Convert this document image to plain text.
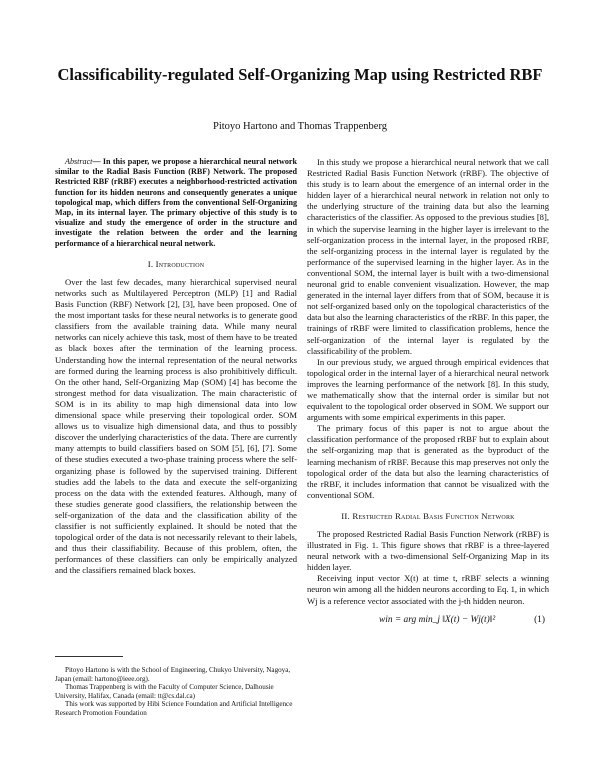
Classificability-regulated Self-Organizing Map using Restricted RBF
Pitoyo Hartono and Thomas Trappenberg

Abstract— In this paper, we propose a hierarchical neural network similar to the Radial Basis Function (RBF) Network. The proposed Restricted RBF (rRBF) executes a neighborhood-restricted activation function for its hidden neurons and consequently generates a unique topological map, which differs from the conventional Self-Organizing Map, in its internal layer. The primary objective of this study is to visualize and study the emergence of order in the structure and investigate the relation between the order and the learning performance of a hierarchical neural network.

I. Introduction

Over the last few decades, many hierarchical supervised neural networks such as Multilayered Perceptron (MLP) [1] and Radial Basis Function (RBF) Network [2], [3], have been proposed. One of the most important tasks for these neural networks is to generate good classifiers from the available training data. While many neural networks can nicely achieve this task, most of them have to be treated as black boxes after the termination of the learning process. Understanding how the internal representation of the neural networks are formed during the learning process is also prohibitively difficult. On the other hand, Self-Organizing Map (SOM) [4] has become the strongest method for data visualization. The main characteristic of SOM is in its ability to map high dimensional data into low dimensional space while preserving their topological order. SOM allows us to visualize high dimensional data, and thus to possibly discover the underlying characteristics of the data. There are currently many attempts to build classifiers based on SOM [5], [6], [7]. Some of these studies executed a two-phase training process where the self-organizing phase is followed by the supervised training. Different studies add the labels to the data and execute the self-organizing process on the data with the extended features. Although, many of these studies generate good classifiers, the relationship between the self-organization of the data and the classification ability of the classifier is not sufficiently explained. It should be noted that the topological order of the data is not necessarily relevant to their labels, and thus their classifiability. Because of this problem, often, the performances of these classifiers can only be empirically analyzed and the classifiers remained black boxes.

Pitoyo Hartono is with the School of Engineering, Chukyo University, Nagoya, Japan (email: hartono@ieee.org).
Thomas Trappenberg is with the Faculty of Computer Science, Dalhousie University, Halifax, Canada (email: tt@cs.dal.ca)
This work was supported by Hibi Science Foundation and Artificial Intelligence Research Promotion Foundation

In this study we propose a hierarchical neural network that we call Restricted Radial Basis Function Network (rRBF). The objective of this study is to learn about the emergence of an internal order in the hidden layer of a hierarchical neural network in relation not only to the underlying structure of the training data but also the learning characteristics of the classifier. As opposed to the previous studies [8], in which the supervise learning in the higher layer is irrelevant to the self-organization process in the internal layer, in the proposed rRBF, the self-organizing process in the internal layer is regulated by the performance of the supervised learning in the higher layer. As in the conventional SOM, the internal layer is built with a two-dimensional neuronal grid to enable convenient visualization. However, the map generated in the internal layer differs from that of SOM, because it is not self-organized based only on the topological characteristics of the data but also the learning characteristics of the rRBF. In this paper, the trainings of rRBF were limited to classification problems, hence the self-organization of the internal layer is regulated by the classificability of the problem.

In our previous study, we argued through empirical evidences that topological order in the internal layer of a hierarchical neural network improves the learning performance of the network [8]. In this study, we mathematically show that the internal order is similar but not equivalent to the topological order observed in SOM. We support our arguments with some empirical experiments in this paper.

The primary focus of this paper is not to argue about the classification performance of the proposed rRBF but to explain about the self-organizing map that is generated as the byproduct of the learning mechanism of rRBF. Because this map preserves not only the topological order of the data but also the learning characteristics of the rRBF, it includes information that cannot be visualized with the conventional SOM.

II. Restricted Radial Basis Function Network

The proposed Restricted Radial Basis Function Network (rRBF) is illustrated in Fig. 1. This figure shows that rRBF is a three-layered neural network with a two-dimensional Self-Organizing Map in its hidden layer.

Receiving input vector X(t) at time t, rRBF selects a winning neuron win among all the hidden neurons according to Eq. 1, in which Wj is a reference vector associated with the j-th hidden neuron.

win = arg min_j ‖X(t) − Wj(t)‖²	(1)
